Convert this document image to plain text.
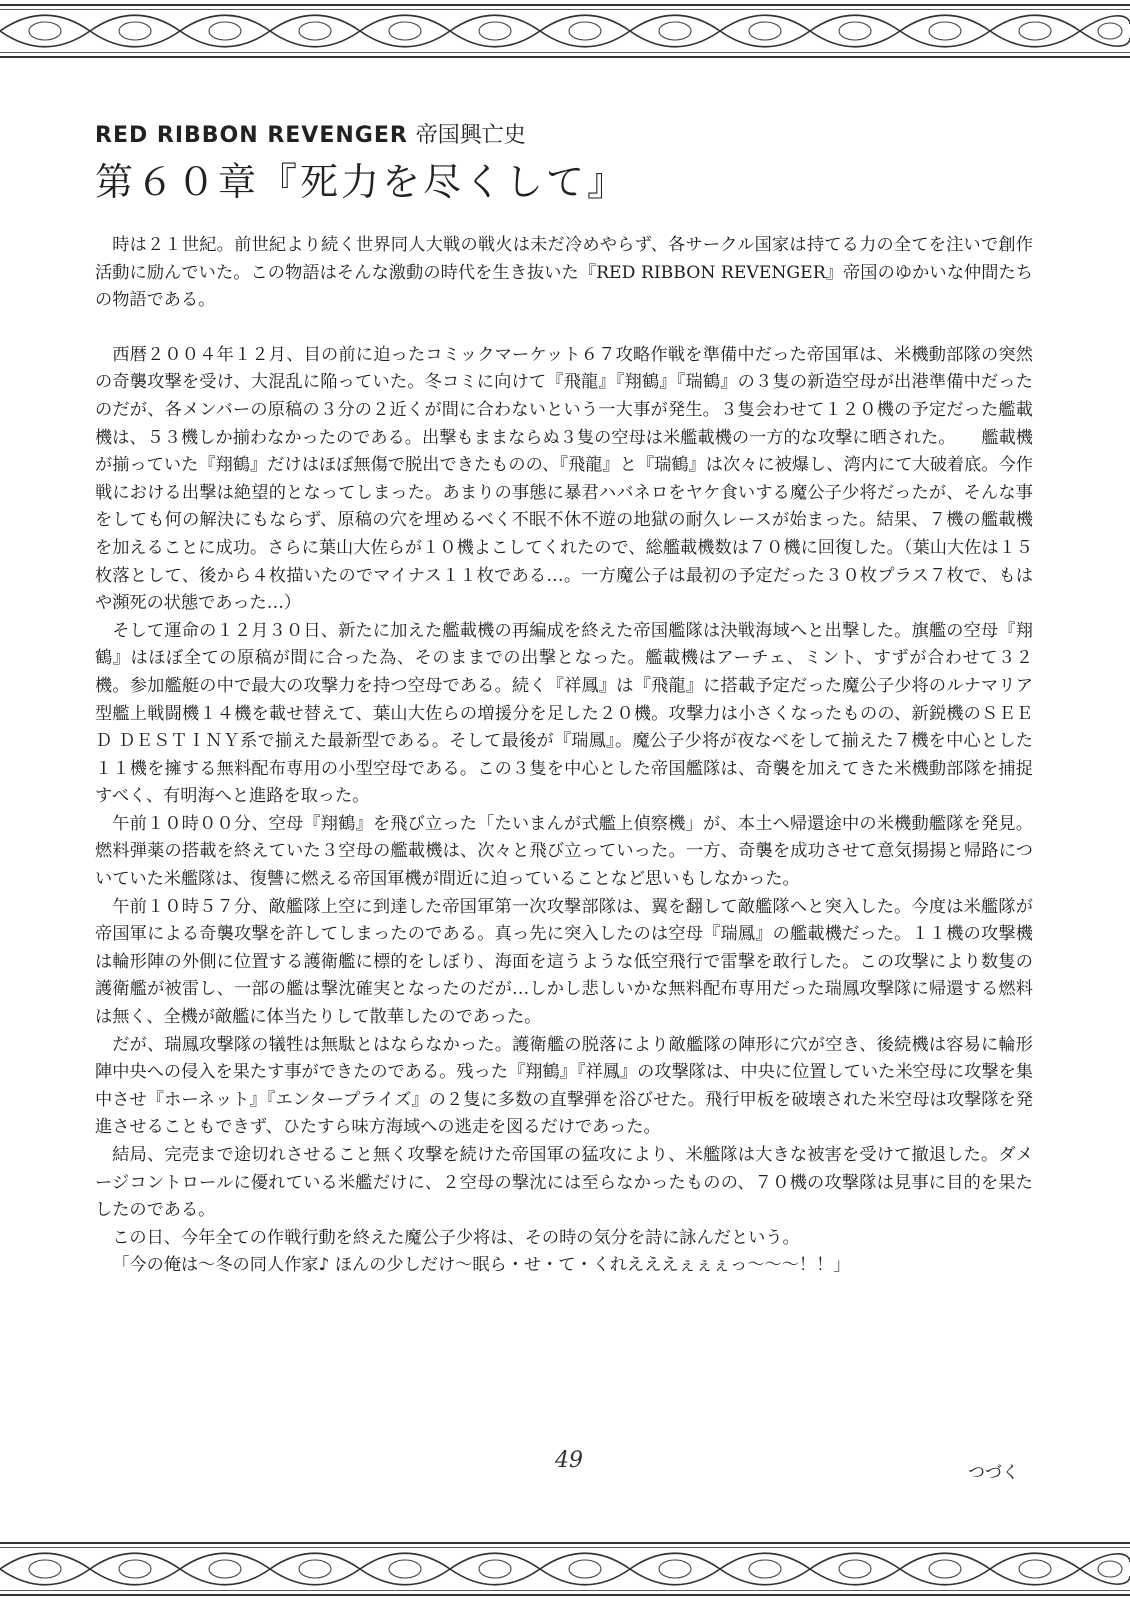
RED RIBBON REVENGER 帝国興亡史
第６０章『死力を尽くして』

時は２１世紀。前世紀より続く世界同人大戦の戦火は未だ冷めやらず、各サークル国家は持てる力の全てを注いで創作活動に励んでいた。この物語はそんな激動の時代を生き抜いた『RED RIBBON REVENGER』帝国のゆかいな仲間たちの物語である。

西暦２００４年１２月、目の前に迫ったコミックマーケット６７攻略作戦を準備中だった帝国軍は、米機動部隊の突然の奇襲攻撃を受け、大混乱に陥っていた。冬コミに向けて『飛龍』『翔鶴』『瑞鶴』の３隻の新造空母が出港準備中だったのだが、各メンバーの原稿の３分の２近くが間に合わないという一大事が発生。３隻会わせて１２０機の予定だった艦載機は、５３機しか揃わなかったのである。出撃もままならぬ３隻の空母は米艦載機の一方的な攻撃に晒された。　　艦載機が揃っていた『翔鶴』だけはほぼ無傷で脱出できたものの、『飛龍』と『瑞鶴』は次々に被爆し、湾内にて大破着底。今作戦における出撃は絶望的となってしまった。あまりの事態に暴君ハバネロをヤケ食いする魔公子少将だったが、そんな事をしても何の解決にもならず、原稿の穴を埋めるべく不眠不休不遊の地獄の耐久レースが始まった。結果、７機の艦載機を加えることに成功。さらに葉山大佐らが１０機よこしてくれたので、総艦載機数は７０機に回復した。（葉山大佐は１５枚落として、後から４枚描いたのでマイナス１１枚である…。一方魔公子は最初の予定だった３０枚プラス７枚で、もはや瀕死の状態であった…）

そして運命の１２月３０日、新たに加えた艦載機の再編成を終えた帝国艦隊は決戦海域へと出撃した。旗艦の空母『翔鶴』はほぼ全ての原稿が間に合った為、そのままでの出撃となった。艦載機はアーチェ、ミント、すずが合わせて３２機。参加艦艇の中で最大の攻撃力を持つ空母である。続く『祥鳳』は『飛龍』に搭載予定だった魔公子少将のルナマリア型艦上戦闘機１４機を載せ替えて、葉山大佐らの増援分を足した２０機。攻撃力は小さくなったものの、新鋭機のＳＥＥＤ ＤＥＳＴＩＮＹ系で揃えた最新型である。そして最後が『瑞鳳』。魔公子少将が夜なべをして揃えた７機を中心とした１１機を擁する無料配布専用の小型空母である。この３隻を中心とした帝国艦隊は、奇襲を加えてきた米機動部隊を捕捉すべく、有明海へと進路を取った。

午前１０時００分、空母『翔鶴』を飛び立った「たいまんが式艦上偵察機」が、本土へ帰還途中の米機動艦隊を発見。燃料弾薬の搭載を終えていた３空母の艦載機は、次々と飛び立っていった。一方、奇襲を成功させて意気揚揚と帰路についていた米艦隊は、復讐に燃える帝国軍機が間近に迫っていることなど思いもしなかった。

午前１０時５７分、敵艦隊上空に到達した帝国軍第一次攻撃部隊は、翼を翻して敵艦隊へと突入した。今度は米艦隊が帝国軍による奇襲攻撃を許してしまったのである。真っ先に突入したのは空母『瑞鳳』の艦載機だった。１１機の攻撃機は輪形陣の外側に位置する護衛艦に標的をしぼり、海面を這うような低空飛行で雷撃を敢行した。この攻撃により数隻の護衛艦が被雷し、一部の艦は撃沈確実となったのだが…しかし悲しいかな無料配布専用だった瑞鳳攻撃隊に帰還する燃料は無く、全機が敵艦に体当たりして散華したのであった。

だが、瑞鳳攻撃隊の犠牲は無駄とはならなかった。護衛艦の脱落により敵艦隊の陣形に穴が空き、後続機は容易に輪形陣中央への侵入を果たす事ができたのである。残った『翔鶴』『祥鳳』の攻撃隊は、中央に位置していた米空母に攻撃を集中させ『ホーネット』『エンタープライズ』の２隻に多数の直撃弾を浴びせた。飛行甲板を破壊された米空母は攻撃隊を発進させることもできず、ひたすら味方海域への逃走を図るだけであった。

結局、完売まで途切れさせること無く攻撃を続けた帝国軍の猛攻により、米艦隊は大きな被害を受けて撤退した。ダメージコントロールに優れている米艦だけに、２空母の撃沈には至らなかったものの、７０機の攻撃隊は見事に目的を果たしたのである。

この日、今年全ての作戦行動を終えた魔公子少将は、その時の気分を詩に詠んだという。

「今の俺は～冬の同人作家♪ ほんの少しだけ～眠ら・せ・て・くれえええぇぇぇっ～～～！！」

49	つづく
